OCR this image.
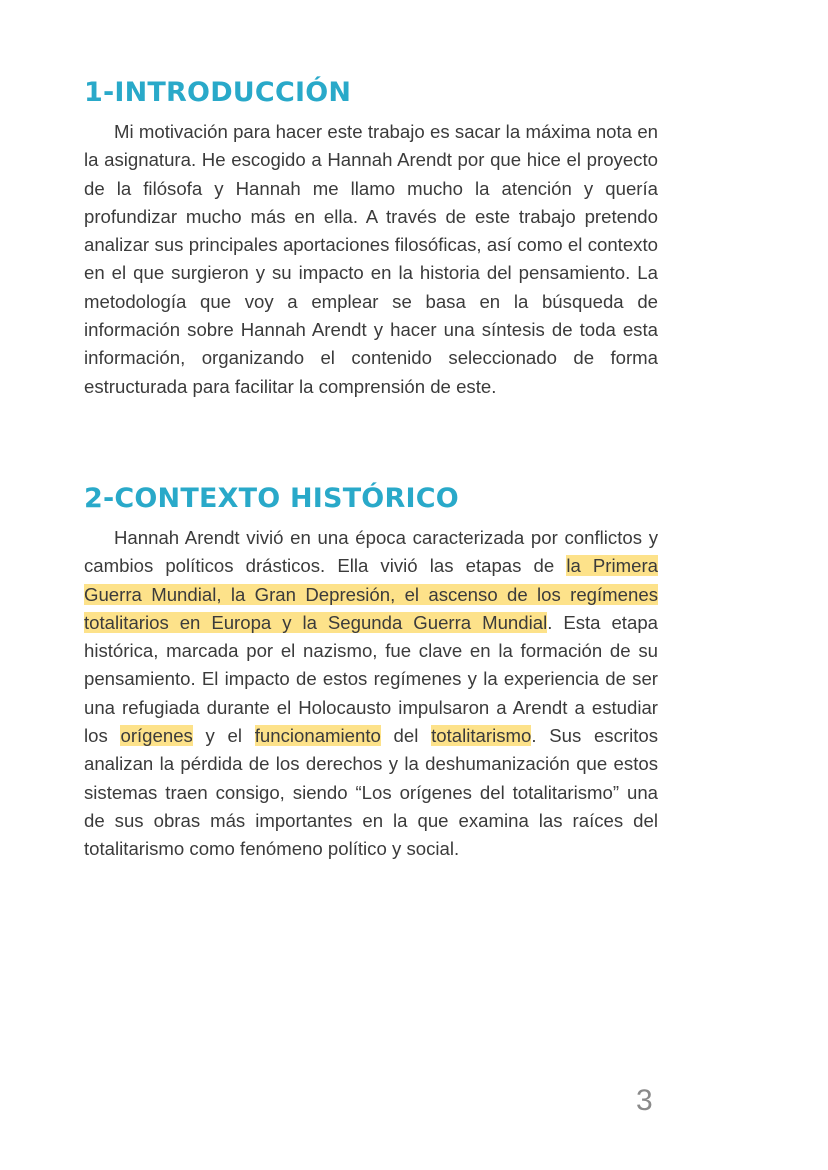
1-INTRODUCCIÓN

Mi motivación para hacer este trabajo es sacar la máxima nota en la asignatura. He escogido a Hannah Arendt por que hice el proyecto de la filósofa y Hannah me llamo mucho la atención y quería profundizar mucho más en ella. A través de este trabajo pretendo analizar sus principales aportaciones filosóficas, así como el contexto en el que surgieron y su impacto en la historia del pensamiento. La metodología que voy a emplear se basa en la búsqueda de información sobre Hannah Arendt y hacer una síntesis de toda esta información, organizando el contenido seleccionado de forma estructurada para facilitar la comprensión de este.

2-CONTEXTO HISTÓRICO

Hannah Arendt vivió en una época caracterizada por conflictos y cambios políticos drásticos. Ella vivió las etapas de la Primera Guerra Mundial, la Gran Depresión, el ascenso de los regímenes totalitarios en Europa y la Segunda Guerra Mundial. Esta etapa histórica, marcada por el nazismo, fue clave en la formación de su pensamiento. El impacto de estos regímenes y la experiencia de ser una refugiada durante el Holocausto impulsaron a Arendt a estudiar los orígenes y el funcionamiento del totalitarismo. Sus escritos analizan la pérdida de los derechos y la deshumanización que estos sistemas traen consigo, siendo “Los orígenes del totalitarismo” una de sus obras más importantes en la que examina las raíces del totalitarismo como fenómeno político y social.

3
